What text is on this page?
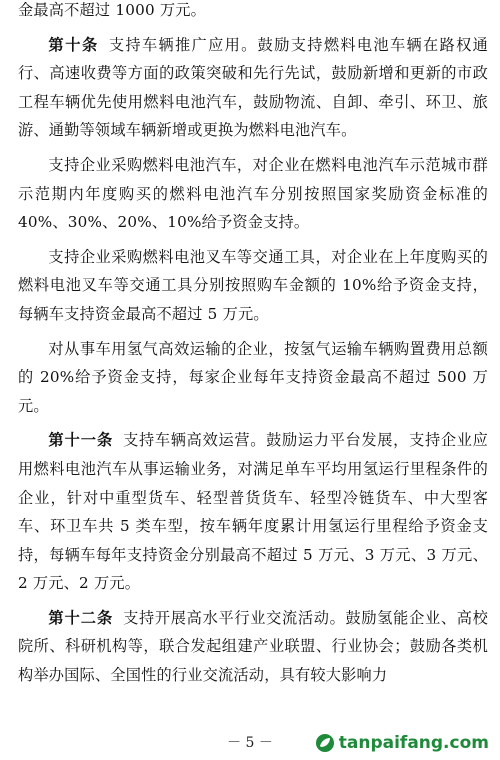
金最高不超过 1000 万元。

第十条 支持车辆推广应用。鼓励支持燃料电池车辆在路权通行、高速收费等方面的政策突破和先行先试，鼓励新增和更新的市政工程车辆优先使用燃料电池汽车，鼓励物流、自卸、牵引、环卫、旅游、通勤等领域车辆新增或更换为燃料电池汽车。

支持企业采购燃料电池汽车，对企业在燃料电池汽车示范城市群示范期内年度购买的燃料电池汽车分别按照国家奖励资金标准的 40%、30%、20%、10%给予资金支持。

支持企业采购燃料电池叉车等交通工具，对企业在上年度购买的燃料电池叉车等交通工具分别按照购车金额的 10%给予资金支持，每辆车支持资金最高不超过 5 万元。

对从事车用氢气高效运输的企业，按氢气运输车辆购置费用总额的 20%给予资金支持，每家企业每年支持资金最高不超过 500 万元。

第十一条 支持车辆高效运营。鼓励运力平台发展，支持企业应用燃料电池汽车从事运输业务，对满足单车平均用氢运行里程条件的企业，针对中重型货车、轻型普货货车、轻型冷链货车、中大型客车、环卫车共 5 类车型，按车辆年度累计用氢运行里程给予资金支持，每辆车每年支持资金分别最高不超过 5 万元、3 万元、3 万元、2 万元、2 万元。

第十二条 支持开展高水平行业交流活动。鼓励氢能企业、高校院所、科研机构等，联合发起组建产业联盟、行业协会；鼓励各类机构举办国际、全国性的行业交流活动，具有较大影响力

－ 5 －	tanpaifang.com
